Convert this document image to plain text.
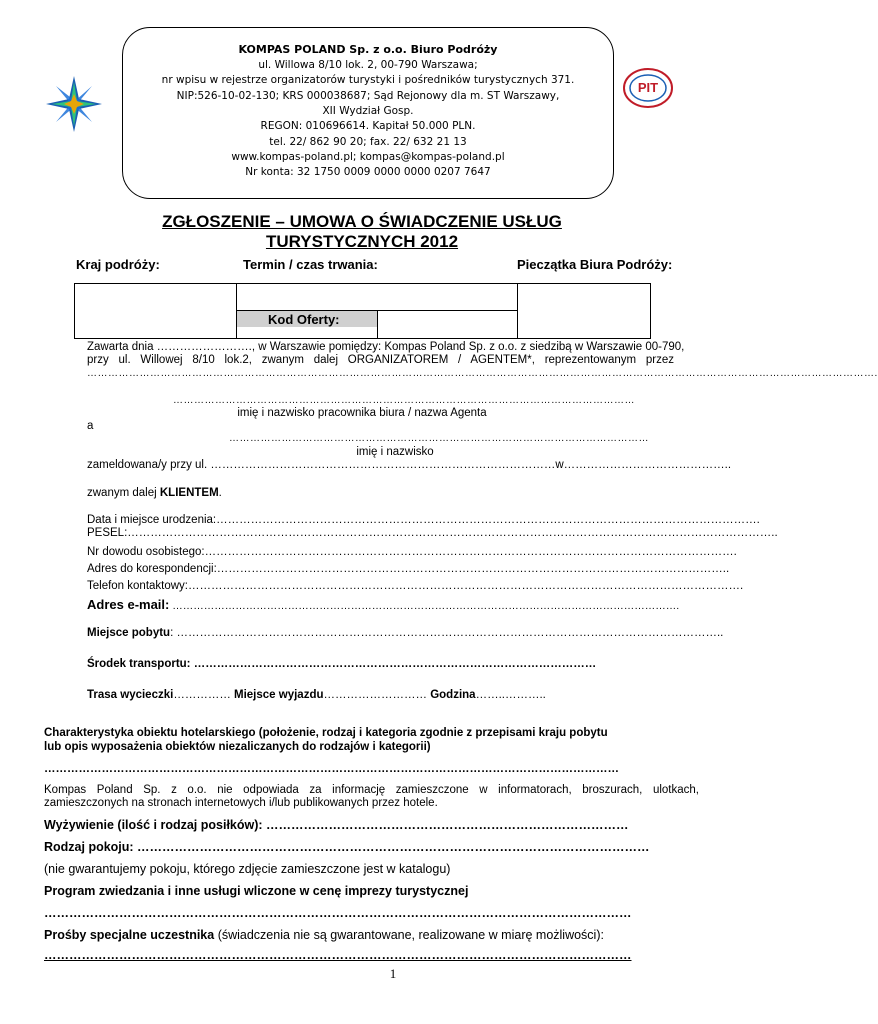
PIT
KOMPAS POLAND Sp. z o.o. Biuro Podróży
ul. Willowa 8/10 lok. 2, 00-790 Warszawa;
nr wpisu w rejestrze organizatorów turystyki i pośredników turystycznych 371.
NIP:526-10-02-130; KRS 000038687; Sąd Rejonowy dla m. ST Warszawy,
XII Wydział Gosp.
REGON: 010696614. Kapitał 50.000 PLN.
tel. 22/ 862 90 20; fax. 22/ 632 21 13
www.kompas-poland.pl; kompas@kompas-poland.pl
Nr konta: 32 1750 0009 0000 0000 0207 7647
ZGŁOSZENIE – UMOWA O ŚWIADCZENIE USŁUG
TURYSTYCZNYCH 2012
Kraj podróży:	Termin / czas trwania:	Pieczątka Biura Podróży:
Kod Oferty:
Zawarta dnia ……………………., w Warszawie pomiędzy: Kompas Poland Sp. z o.o. z siedzibą w Warszawie 00-790,
przy ul. Willowej 8/10 lok.2, zwanym dalej ORGANIZATOREM / AGENTEM*, reprezentowanym przez
……………………………………………………………………………………………………………………………………………………………………………………………………….
……………………………………………………………………………………………………………………
imię i nazwisko pracownika biura / nazwa Agenta
a
…………………………………………………………………………………………………………
imię i nazwisko
zameldowana/y przy ul. ………………………………………………………………………………w……………………………………..
zwanym dalej KLIENTEM.
Data i miejsce urodzenia:…………………………………………………………………………………………………………………………….
PESEL:……………………………………………………………………………………………………………………………………………………..
Nr dowodu osobistego:………………………………………………………………………………………………………………………….
Adres do korespondencji:……………………………………………………………………………………………………………………..
Telefon kontaktowy:……………………………………………………………………………………………………………………………….
Adres e-mail: ……………………………………………………………………………………………………………………………….
Miejsce pobytu: ……………………………………………………………………………………………………………………………..
Środek transportu: ……………………………………………………………………………………………
Trasa wycieczki…………… Miejsce wyjazdu……………………… Godzina……..………..
Charakterystyka obiektu hotelarskiego (położenie, rodzaj i kategoria zgodnie z przepisami kraju pobytu
lub opis wyposażenia obiektów niezaliczanych do rodzajów i kategorii)
……………………………………………………………………………………………………………………………………
Kompas Poland Sp. z o.o. nie odpowiada za informację zamieszczone w informatorach, broszurach, ulotkach,
zamieszczonych na stronach internetowych i/lub publikowanych przez hotele.
Wyżywienie (ilość i rodzaj posiłków): ……………………………………………………………………………
Rodzaj pokoju: ……………………………………………………………………………………………………………
(nie gwarantujemy pokoju, którego zdjęcie zamieszczone jest w katalogu)
Program zwiedzania i inne usługi wliczone w cenę imprezy turystycznej
……………………………………………………………………………………………………………………………
Prośby specjalne uczestnika (świadczenia nie są gwarantowane, realizowane w miarę możliwości):
……………………………………………………………………………………………………………………………
1
